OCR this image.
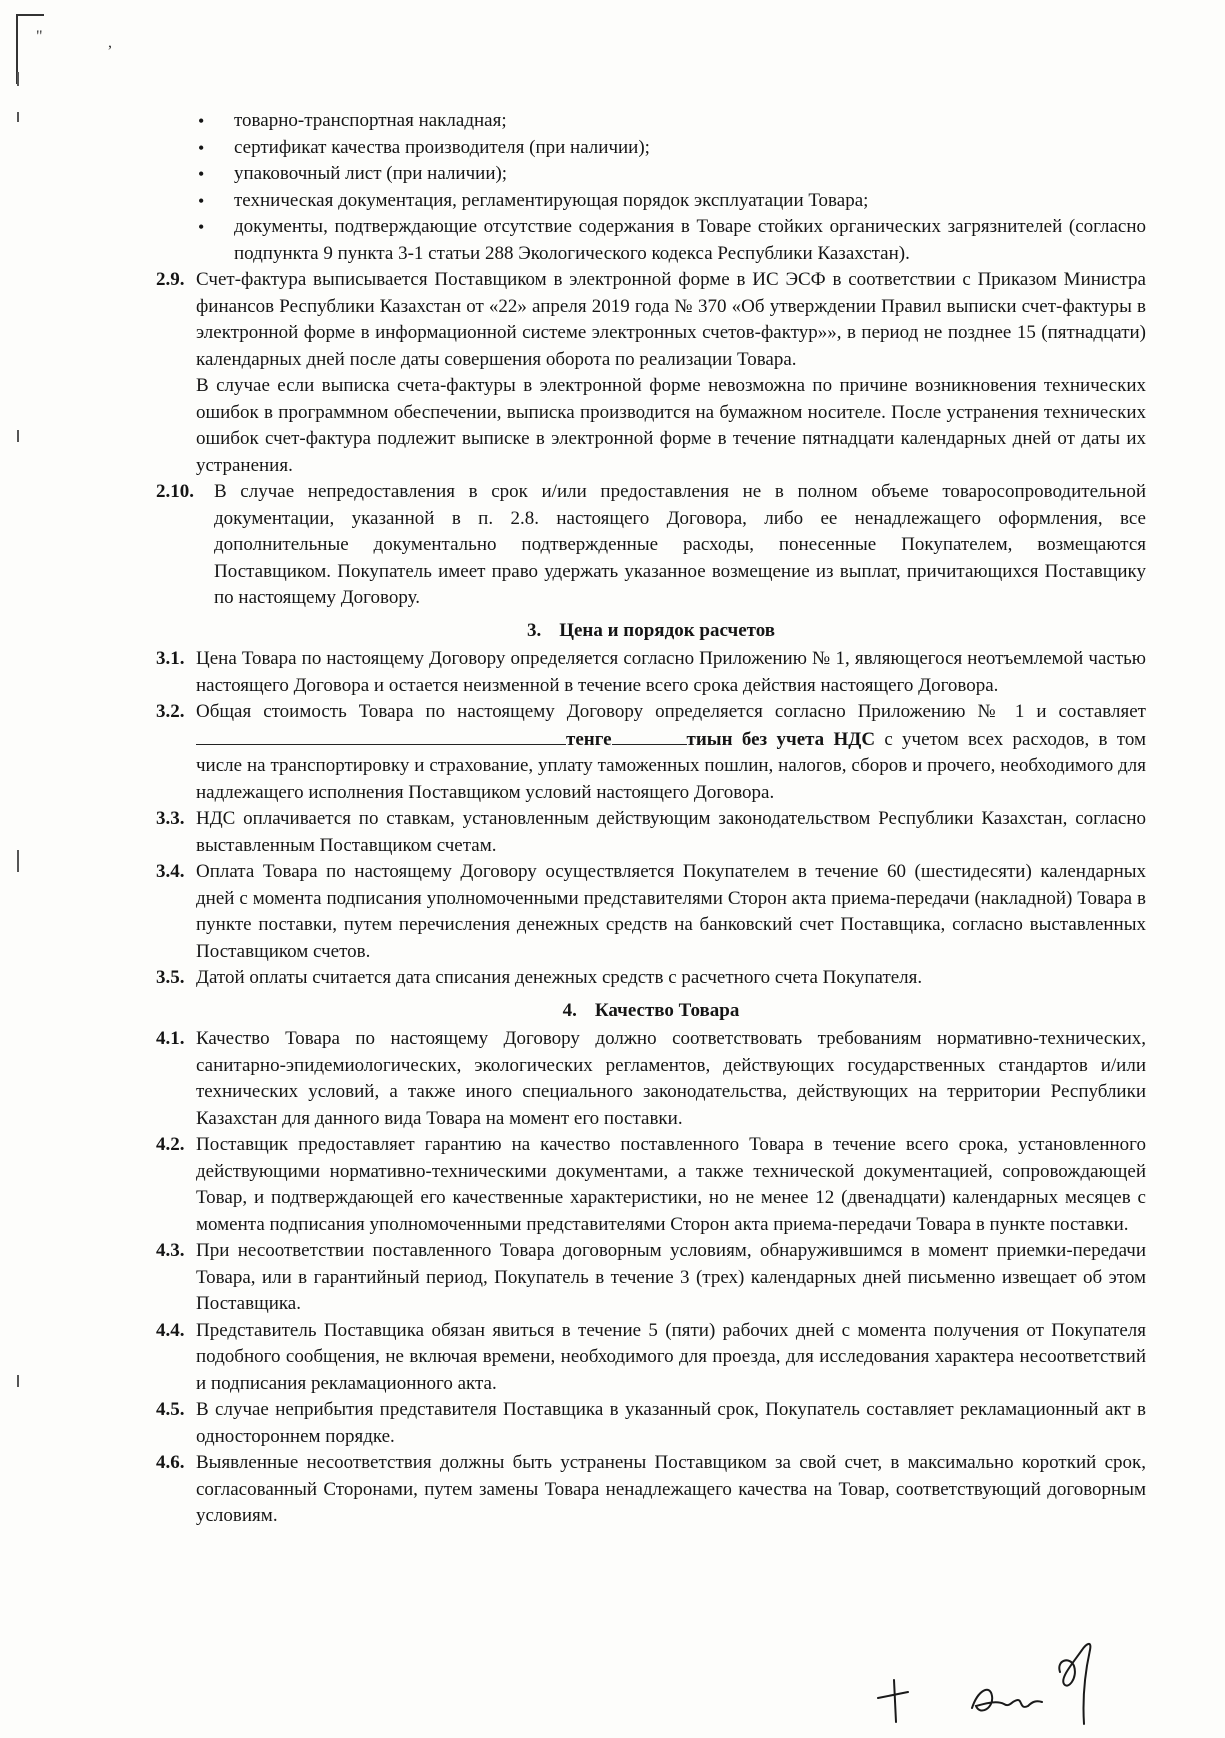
"	,
• товарно-транспортная накладная;
• сертификат качества производителя (при наличии);
• упаковочный лист (при наличии);
• техническая документация, регламентирующая порядок эксплуатации Товара;
• документы, подтверждающие отсутствие содержания в Товаре стойких органических загрязнителей (согласно подпункта 9 пункта 3-1 статьи 288 Экологического кодекса Республики Казахстан).
2.9. Счет-фактура выписывается Поставщиком в электронной форме в ИС ЭСФ в соответствии с Приказом Министра финансов Республики Казахстан от «22» апреля 2019 года № 370 «Об утверждении Правил выписки счет-фактуры в электронной форме в информационной системе электронных счетов-фактур»», в период не позднее 15 (пятнадцати) календарных дней после даты совершения оборота по реализации Товара.

В случае если выписка счета-фактуры в электронной форме невозможна по причине возникновения технических ошибок в программном обеспечении, выписка производится на бумажном носителе. После устранения технических ошибок счет-фактура подлежит выписке в электронной форме в течение пятнадцати календарных дней от даты их устранения.

2.10.	В случае непредоставления в срок и/или предоставления не в полном объеме товаросопроводительной документации, указанной в п. 2.8. настоящего Договора, либо ее ненадлежащего оформления, все дополнительные документально подтвержденные расходы, понесенные Покупателем, возмещаются Поставщиком. Покупатель имеет право удержать указанное возмещение из выплат, причитающихся Поставщику по настоящему Договору.
3. Цена и порядок расчетов
3.1. Цена Товара по настоящему Договору определяется согласно Приложению № 1, являющегося неотъемлемой частью настоящего Договора и остается неизменной в течение всего срока действия настоящего Договора.
3.2. Общая стоимость Товара по настоящему Договору определяется согласно Приложению № 1 и составляеттенге	тиын без учета НДС с учетом всех расходов, в том числе на транспортировку и страхование, уплату таможенных пошлин, налогов, сборов и прочего, необходимого для надлежащего исполнения Поставщиком условий настоящего Договора.
3.3. НДС оплачивается по ставкам, установленным действующим законодательством Республики Казахстан, согласно выставленным Поставщиком счетам.
3.4. Оплата Товара по настоящему Договору осуществляется Покупателем в течение 60 (шестидесяти) календарных дней с момента подписания уполномоченными представителями Сторон акта приема-передачи (накладной) Товара в пункте поставки, путем перечисления денежных средств на банковский счет Поставщика, согласно выставленных Поставщиком счетов.
3.5. Датой оплаты считается дата списания денежных средств с расчетного счета Покупателя.
4. Качество Товара
4.1. Качество Товара по настоящему Договору должно соответствовать требованиям нормативно-технических, санитарно-эпидемиологических, экологических регламентов, действующих государственных стандартов и/или технических условий, а также иного специального законодательства, действующих на территории Республики Казахстан для данного вида Товара на момент его поставки.
4.2. Поставщик предоставляет гарантию на качество поставленного Товара в течение всего срока, установленного действующими нормативно-техническими документами, а также технической документацией, сопровождающей Товар, и подтверждающей его качественные характеристики, но не менее 12 (двенадцати) календарных месяцев с момента подписания уполномоченными представителями Сторон акта приема-передачи Товара в пункте поставки.
4.3. При несоответствии поставленного Товара договорным условиям, обнаружившимся в момент приемки-передачи Товара, или в гарантийный период, Покупатель в течение 3 (трех) календарных дней письменно извещает об этом Поставщика.
4.4. Представитель Поставщика обязан явиться в течение 5 (пяти) рабочих дней с момента получения от Покупателя подобного сообщения, не включая времени, необходимого для проезда, для исследования характера несоответствий и подписания рекламационного акта.
4.5. В случае неприбытия представителя Поставщика в указанный срок, Покупатель составляет рекламационный акт в одностороннем порядке.
4.6. Выявленные несоответствия должны быть устранены Поставщиком за свой счет, в максимально короткий срок, согласованный Сторонами, путем замены Товара ненадлежащего качества на Товар, соответствующий договорным условиям.
